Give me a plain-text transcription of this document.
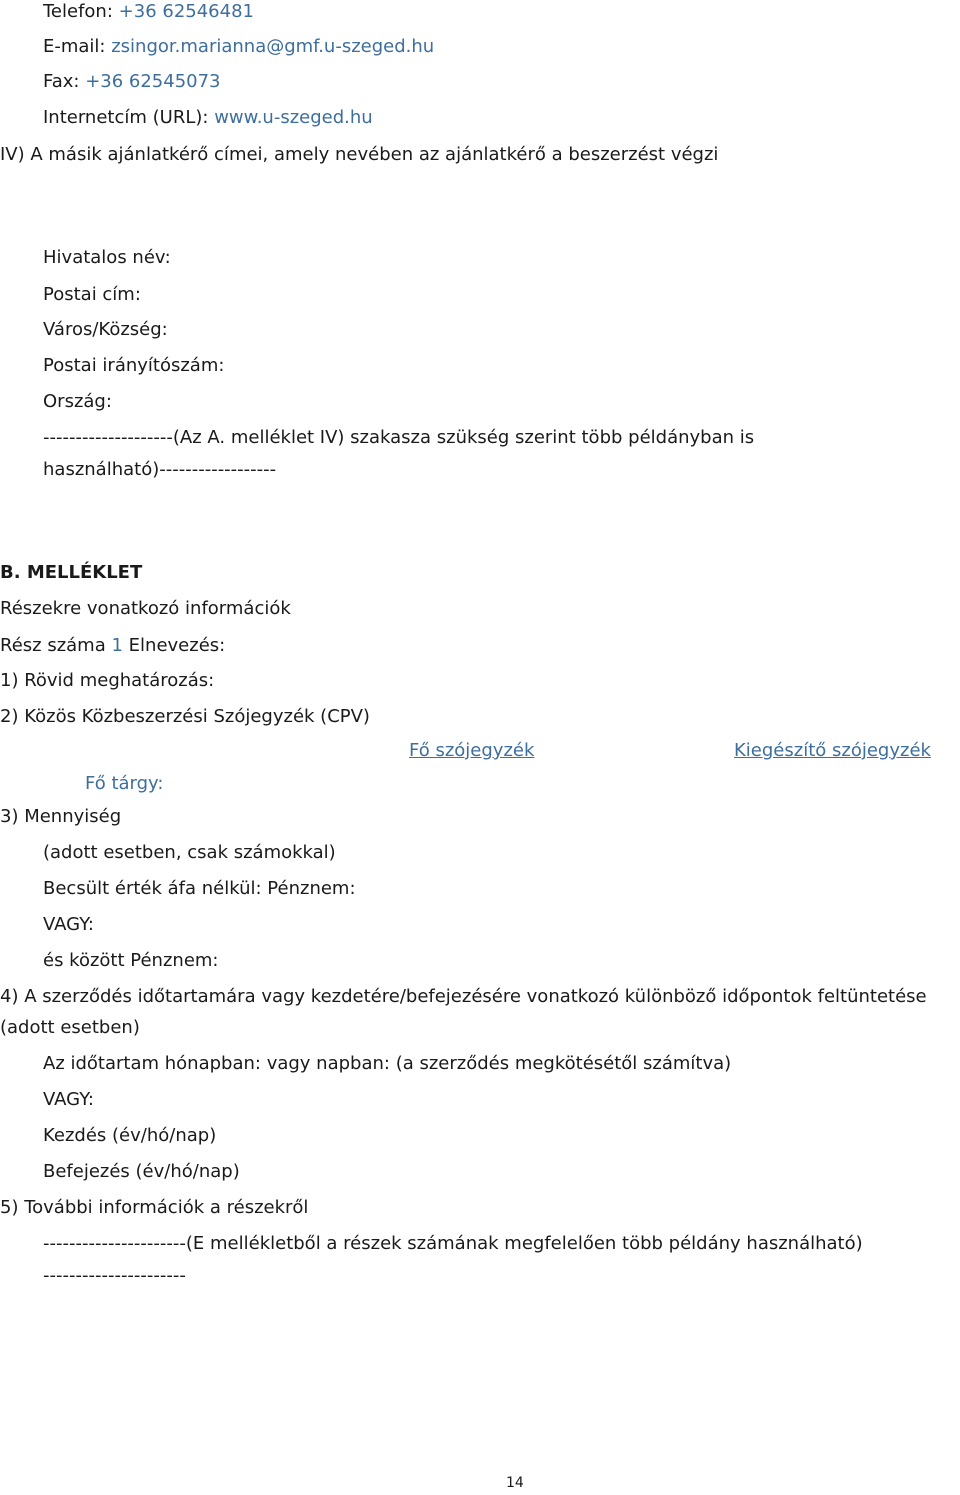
Telefon: +36 62546481
E-mail: zsingor.marianna@gmf.u-szeged.hu
Fax: +36 62545073
Internetcím (URL): www.u-szeged.hu
IV) A másik ajánlatkérő címei, amely nevében az ajánlatkérő a beszerzést végzi
Hivatalos név:
Postai cím:
Város/Község:
Postai irányítószám:
Ország:
--------------------(Az A. melléklet IV) szakasza szükség szerint több példányban is
használható)------------------
B. MELLÉKLET
Részekre vonatkozó információk
Rész száma 1 Elnevezés:
1) Rövid meghatározás:
2) Közös Közbeszerzési Szójegyzék (CPV)
Fő szójegyzék	Kiegészítő szójegyzék
Fő tárgy:
3) Mennyiség
(adott esetben, csak számokkal)
Becsült érték áfa nélkül: Pénznem:
VAGY:
és között Pénznem:
4) A szerződés időtartamára vagy kezdetére/befejezésére vonatkozó különböző időpontok feltüntetése
(adott esetben)
Az időtartam hónapban: vagy napban: (a szerződés megkötésétől számítva)
VAGY:
Kezdés (év/hó/nap)
Befejezés (év/hó/nap)
5) További információk a részekről
----------------------(E mellékletből a részek számának megfelelően több példány használható)
----------------------
14
